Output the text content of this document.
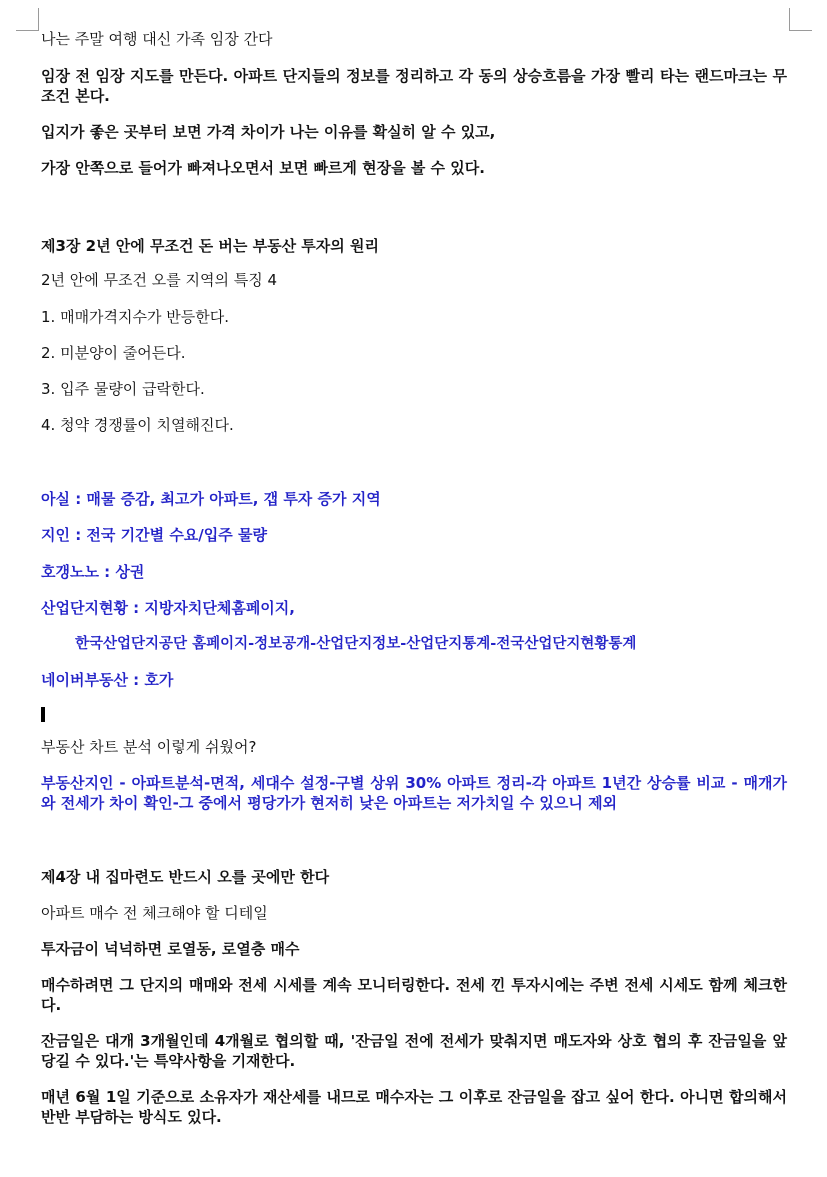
나는 주말 여행 대신 가족 임장 간다

임장 전 임장 지도를 만든다. 아파트 단지들의 정보를 정리하고 각 동의 상승흐름을 가장 빨리 타는 랜드마크는 무조건 본다.

입지가 좋은 곳부터 보면 가격 차이가 나는 이유를 확실히 알 수 있고,

가장 안쪽으로 들어가 빠져나오면서 보면 빠르게 현장을 볼 수 있다.

제3장 2년 안에 무조건 돈 버는 부동산 투자의 원리

2년 안에 무조건 오를 지역의 특징 4

1. 매매가격지수가 반등한다.

2. 미분양이 줄어든다.

3. 입주 물량이 급락한다.

4. 청약 경쟁률이 치열해진다.

아실 : 매물 증감, 최고가 아파트, 갭 투자 증가 지역

지인 : 전국 기간별 수요/입주 물량

호갱노노 : 상권

산업단지현황 : 지방자치단체홈페이지,

한국산업단지공단 홈페이지-정보공개-산업단지정보-산업단지통계-전국산업단지현황통계

네이버부동산 : 호가

부동산 차트 분석 이렇게 쉬웠어?

부동산지인 - 아파트분석-면적, 세대수 설정-구별 상위 30% 아파트 정리-각 아파트 1년간 상승률 비교 - 매개가와 전세가 차이 확인-그 중에서 평당가가 현저히 낮은 아파트는 저가치일 수 있으니 제외

제4장 내 집마련도 반드시 오를 곳에만 한다

아파트 매수 전 체크해야 할 디테일

투자금이 넉넉하면 로열동, 로열층 매수

매수하려면 그 단지의 매매와 전세 시세를 계속 모니터링한다. 전세 낀 투자시에는 주변 전세 시세도 함께 체크한다.

잔금일은 대개 3개월인데 4개월로 협의할 때, '잔금일 전에 전세가 맞춰지면 매도자와 상호 협의 후 잔금일을 앞당길 수 있다.'는 특약사항을 기재한다.

매년 6월 1일 기준으로 소유자가 재산세를 내므로 매수자는 그 이후로 잔금일을 잡고 싶어 한다. 아니면 합의해서 반반 부담하는 방식도 있다.
